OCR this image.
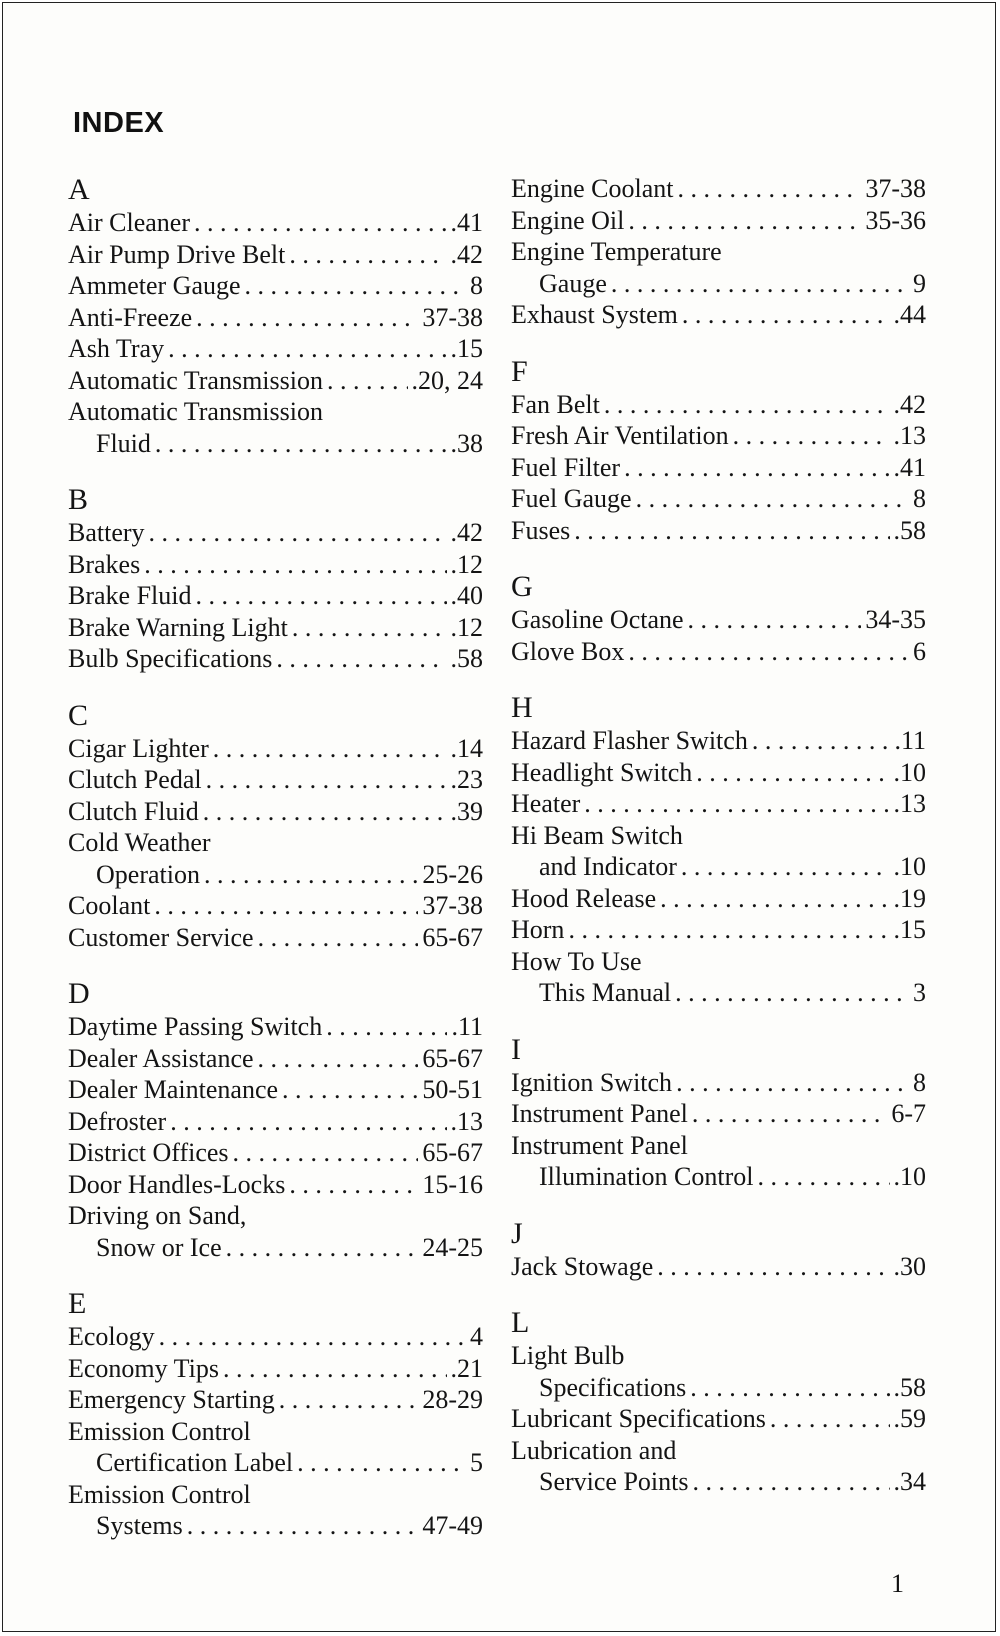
INDEX
A
Air Cleaner . . .	.41
Air Pump Drive Belt . . .	.42
Ammeter Gauge . . .	8
Anti-Freeze . . .	37-38
Ash Tray . . .	.15
Automatic Transmission . . .	.20, 24
Automatic Transmission
Fluid . . .	.38
B
Battery . . .	.42
Brakes . . .	.12
Brake Fluid . . .	.40
Brake Warning Light . . .	.12
Bulb Specifications . . .	.58
C
Cigar Lighter . . .	.14
Clutch Pedal . . .	.23
Clutch Fluid . . .	.39
Cold Weather
Operation . . .	25-26
Coolant . . .	37-38
Customer Service . . .	65-67
D
Daytime Passing Switch . . .	.11
Dealer Assistance . . .	65-67
Dealer Maintenance . . .	50-51
Defroster . . .	.13
District Offices . . .	65-67
Door Handles-Locks . . .	15-16
Driving on Sand,
Snow or Ice . . .	24-25
E
Ecology . . .	4
Economy Tips . . .	.21
Emergency Starting . . .	28-29
Emission Control
Certification Label . . .	5
Emission Control
Systems . . .	47-49
Engine Coolant . . .	37-38
Engine Oil . . .	35-36
Engine Temperature
Gauge . . .	9
Exhaust System . . .	.44
F
Fan Belt . . .	.42
Fresh Air Ventilation . . .	.13
Fuel Filter . . .	.41
Fuel Gauge . . .	8
Fuses . . .	.58
G
Gasoline Octane . . .	34-35
Glove Box . . .	6
H
Hazard Flasher Switch . . .	.11
Headlight Switch . . .	.10
Heater . . .	.13
Hi Beam Switch
and Indicator . . .	.10
Hood Release . . .	.19
Horn . . .	.15
How To Use
This Manual . . .	3
I
Ignition Switch . . .	8
Instrument Panel . . .	6-7
Instrument Panel
Illumination Control . . .	.10
J
Jack Stowage . . .	.30
L
Light Bulb
Specifications . . .	.58
Lubricant Specifications . . .	.59
Lubrication and
Service Points . . .	.34
1
